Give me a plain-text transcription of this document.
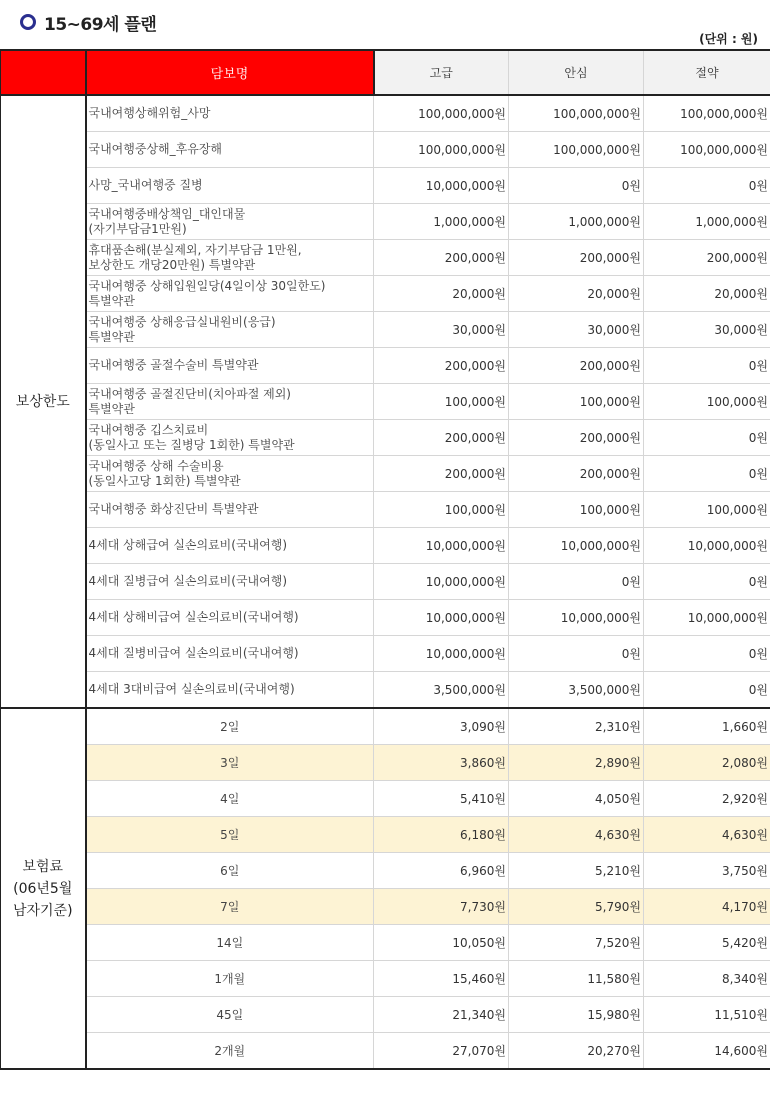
15~69세 플랜
(단위 : 원)
	담보명	고급	안심	절약
보상한도	국내여행상해위험_사망	100,000,000원	100,000,000원	100,000,000원
	국내여행중상해_후유장해	100,000,000원	100,000,000원	100,000,000원
	사망_국내여행중 질병	10,000,000원	0원	0원
	국내여행중배상책임_대인대물
(자기부담금1만원)	1,000,000원	1,000,000원	1,000,000원
	휴대품손해(분실제외, 자기부담금 1만원,
보상한도 개당20만원) 특별약관	200,000원	200,000원	200,000원
	국내여행중 상해입원일당(4일이상 30일한도)
특별약관	20,000원	20,000원	20,000원
	국내여행중 상해응급실내원비(응급)
특별약관	30,000원	30,000원	30,000원
	국내여행중 골절수술비 특별약관	200,000원	200,000원	0원
	국내여행중 골절진단비(치아파절 제외)
특별약관	100,000원	100,000원	100,000원
	국내여행중 깁스치료비
(동일사고 또는 질병당 1회한) 특별약관	200,000원	200,000원	0원
	국내여행중 상해 수술비용
(동일사고당 1회한) 특별약관	200,000원	200,000원	0원
	국내여행중 화상진단비 특별약관	100,000원	100,000원	100,000원
	4세대 상해급여 실손의료비(국내여행)	10,000,000원	10,000,000원	10,000,000원
	4세대 질병급여 실손의료비(국내여행)	10,000,000원	0원	0원
	4세대 상해비급여 실손의료비(국내여행)	10,000,000원	10,000,000원	10,000,000원
	4세대 질병비급여 실손의료비(국내여행)	10,000,000원	0원	0원
	4세대 3대비급여 실손의료비(국내여행)	3,500,000원	3,500,000원	0원
보험료
(06년5월
남자기준)	2일	3,090원	2,310원	1,660원
	3일	3,860원	2,890원	2,080원
	4일	5,410원	4,050원	2,920원
	5일	6,180원	4,630원	4,630원
	6일	6,960원	5,210원	3,750원
	7일	7,730원	5,790원	4,170원
	14일	10,050원	7,520원	5,420원
	1개월	15,460원	11,580원	8,340원
	45일	21,340원	15,980원	11,510원
	2개월	27,070원	20,270원	14,600원
